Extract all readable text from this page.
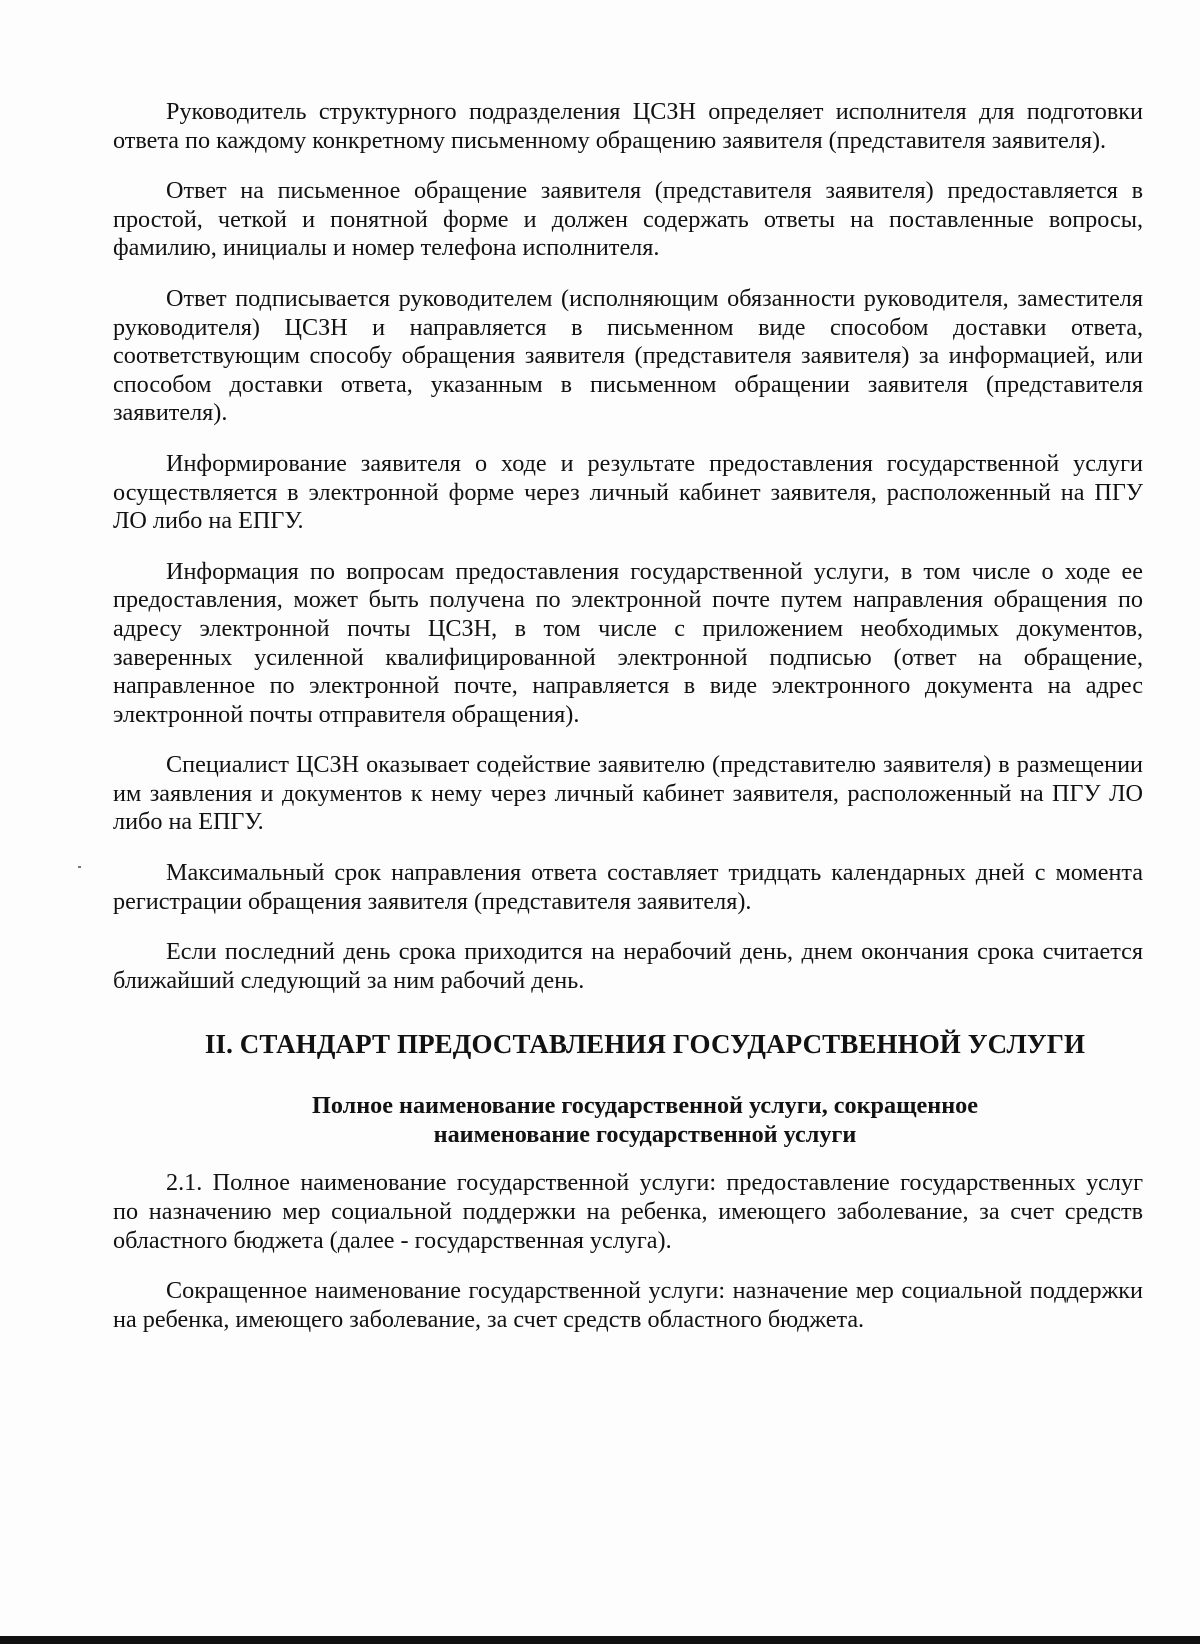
Руководитель структурного подразделения ЦСЗН определяет исполнителя для подготовки ответа по каждому конкретному письменному обращению заявителя (представителя заявителя).

Ответ на письменное обращение заявителя (представителя заявителя) предоставляется в простой, четкой и понятной форме и должен содержать ответы на поставленные вопросы, фамилию, инициалы и номер телефона исполнителя.

Ответ подписывается руководителем (исполняющим обязанности руководителя, заместителя руководителя) ЦСЗН и направляется в письменном виде способом доставки ответа, соответствующим способу обращения заявителя (представителя заявителя) за информацией, или способом доставки ответа, указанным в письменном обращении заявителя (представителя заявителя).

Информирование заявителя о ходе и результате предоставления государственной услуги осуществляется в электронной форме через личный кабинет заявителя, расположенный на ПГУ ЛО либо на ЕПГУ.

Информация по вопросам предоставления государственной услуги, в том числе о ходе ее предоставления, может быть получена по электронной почте путем направления обращения по адресу электронной почты ЦСЗН, в том числе с приложением необходимых документов, заверенных усиленной квалифицированной электронной подписью (ответ на обращение, направленное по электронной почте, направляется в виде электронного документа на адрес электронной почты отправителя обращения).

Специалист ЦСЗН оказывает содействие заявителю (представителю заявителя) в размещении им заявления и документов к нему через личный кабинет заявителя, расположенный на ПГУ ЛО либо на ЕПГУ.

Максимальный срок направления ответа составляет тридцать календарных дней с момента регистрации обращения заявителя (представителя заявителя).

Если последний день срока приходится на нерабочий день, днем окончания срока считается ближайший следующий за ним рабочий день.

II. СТАНДАРТ ПРЕДОСТАВЛЕНИЯ ГОСУДАРСТВЕННОЙ УСЛУГИ
Полное наименование государственной услуги, сокращенное
наименование государственной услуги

2.1. Полное наименование государственной услуги: предоставление государственных услуг по назначению мер социальной поддержки на ребенка, имеющего заболевание, за счет средств областного бюджета (далее - государственная услуга).

Сокращенное наименование государственной услуги: назначение мер социальной поддержки на ребенка, имеющего заболевание, за счет средств областного бюджета.
